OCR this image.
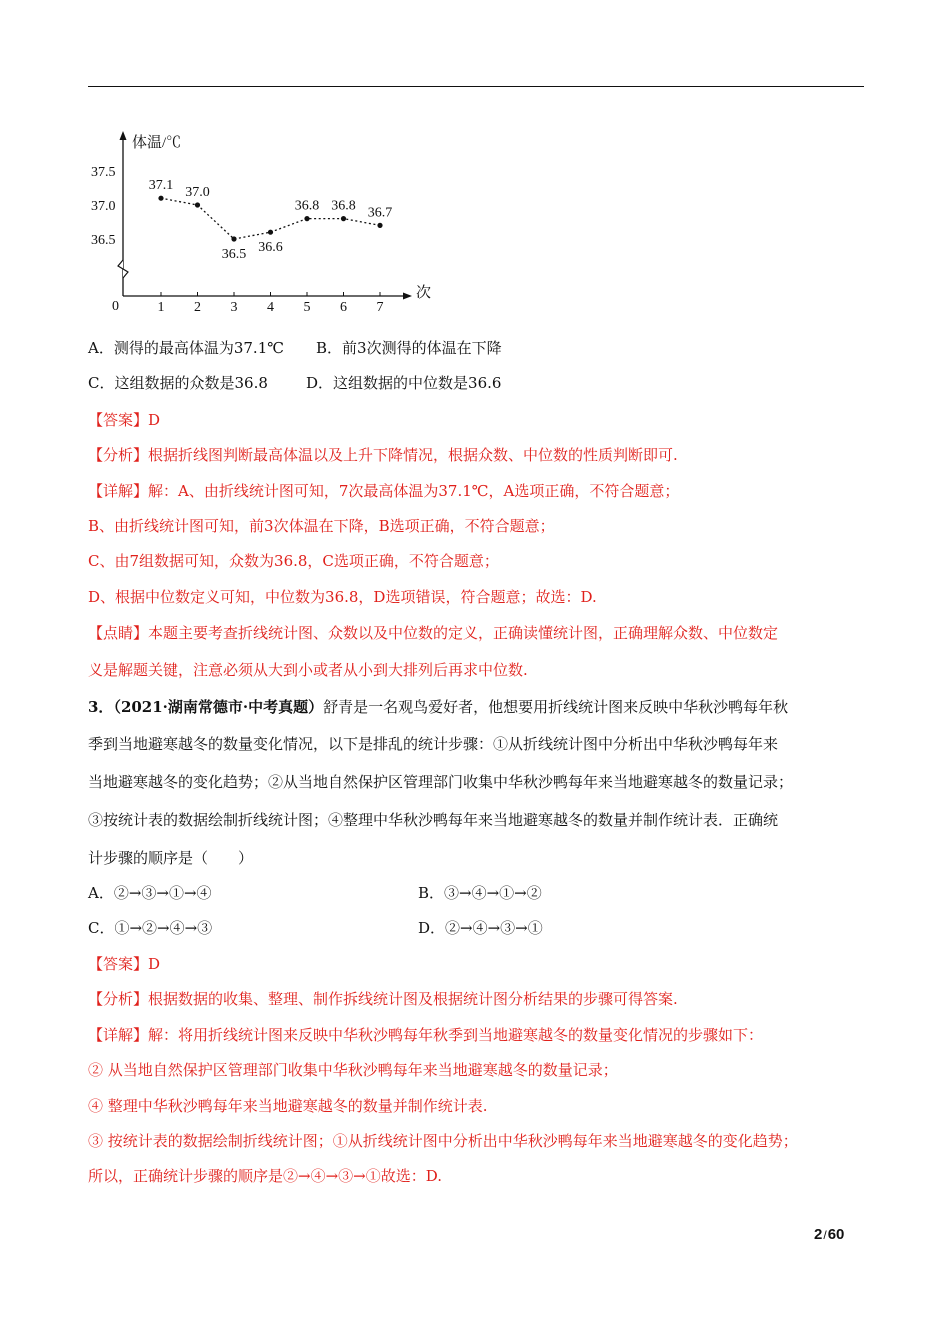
体温/℃
次
0
37.5
37.0
36.5
1 2 3 4 5 6 7
37.1 37.0
36.5 36.6
36.8 36.8 36.7
A．测得的最高体温为37.1℃ B．前3次测得的体温在下降
C．这组数据的众数是36.8	D．这组数据的中位数是36.6
【答案】D
【分析】根据折线图判断最高体温以及上升下降情况，根据众数、中位数的性质判断即可.
【详解】解：A、由折线统计图可知，7次最高体温为37.1℃，A选项正确，不符合题意；
B、由折线统计图可知，前3次体温在下降，B选项正确，不符合题意；
C、由7组数据可知，众数为36.8，C选项正确，不符合题意；
D、根据中位数定义可知，中位数为36.8，D选项错误，符合题意；故选：D.
【点睛】本题主要考查折线统计图、众数以及中位数的定义，正确读懂统计图，正确理解众数、中位数定
义是解题关键，注意必须从大到小或者从小到大排列后再求中位数.
3．（2021·湖南常德市·中考真题）舒青是一名观鸟爱好者，他想要用折线统计图来反映中华秋沙鸭每年秋
季到当地避寒越冬的数量变化情况，以下是排乱的统计步骤：①从折线统计图中分析出中华秋沙鸭每年来
当地避寒越冬的变化趋势；②从当地自然保护区管理部门收集中华秋沙鸭每年来当地避寒越冬的数量记录；
③按统计表的数据绘制折线统计图；④整理中华秋沙鸭每年来当地避寒越冬的数量并制作统计表．正确统
计步骤的顺序是（　　）
A．②→③→①→④	B．③→④→①→②
C．①→②→④→③	D．②→④→③→①
【答案】D
【分析】根据数据的收集、整理、制作拆线统计图及根据统计图分析结果的步骤可得答案.
【详解】解：将用折线统计图来反映中华秋沙鸭每年秋季到当地避寒越冬的数量变化情况的步骤如下：
② 从当地自然保护区管理部门收集中华秋沙鸭每年来当地避寒越冬的数量记录；
④ 整理中华秋沙鸭每年来当地避寒越冬的数量并制作统计表.
③ 按统计表的数据绘制折线统计图；①从折线统计图中分析出中华秋沙鸭每年来当地避寒越冬的变化趋势；
所以，正确统计步骤的顺序是②→④→③→①故选：D.
2/60
